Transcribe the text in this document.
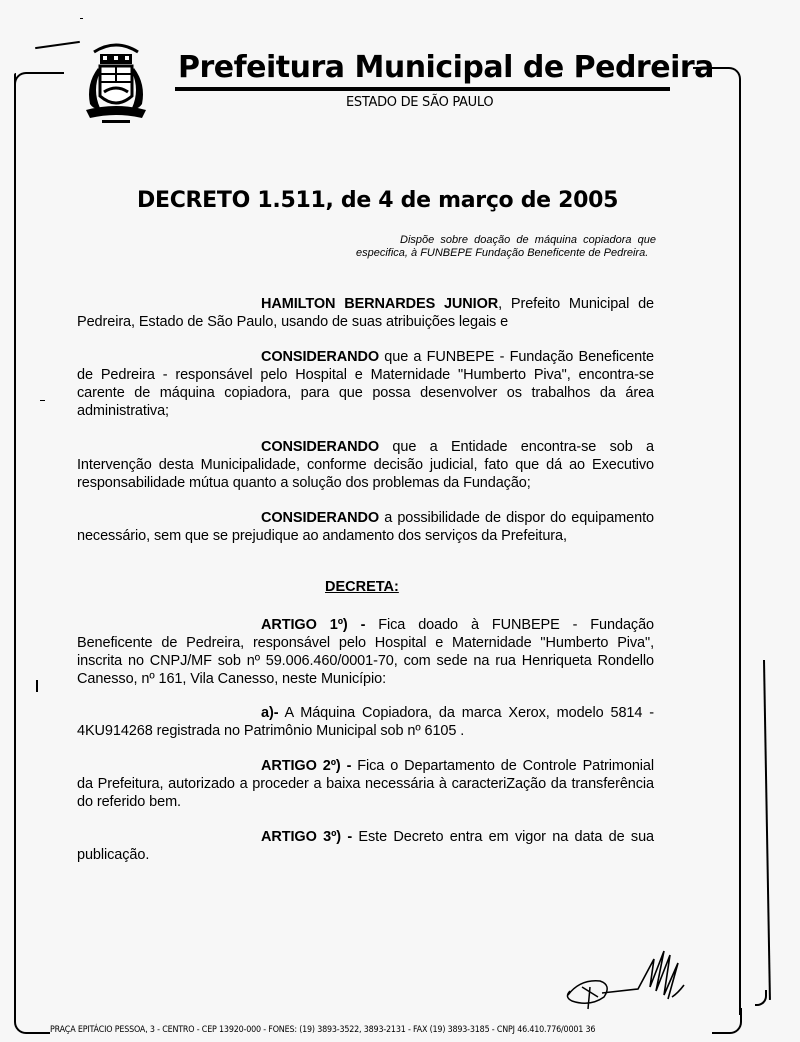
Prefeitura Municipal de Pedreira
ESTADO DE SÃO PAULO
DECRETO 1.511, de 4 de março de 2005
Dispõe sobre doação de máquina copiadora que especifica, à FUNBEPE Fundação Beneficente de Pedreira.
HAMILTON BERNARDES JUNIOR, Prefeito Municipal de Pedreira, Estado de São Paulo, usando de suas atribuições legais e
CONSIDERANDO que a FUNBEPE - Fundação Beneficente de Pedreira - responsável pelo Hospital e Maternidade "Humberto Piva", encontra-se carente de máquina copiadora, para que possa desenvolver os trabalhos da área administrativa;
CONSIDERANDO que a Entidade encontra-se sob a Intervenção desta Municipalidade, conforme decisão judicial, fato que dá ao Executivo responsabilidade mútua quanto a solução dos problemas da Fundação;
CONSIDERANDO a possibilidade de dispor do equipamento necessário, sem que se prejudique ao andamento dos serviços da Prefeitura,
DECRETA:
ARTIGO 1º) - Fica doado à FUNBEPE - Fundação Beneficente de Pedreira, responsável pelo Hospital e Maternidade "Humberto Piva", inscrita no CNPJ/MF sob nº 59.006.460/0001-70, com sede na rua Henriqueta Rondello Canesso, nº 161, Vila Canesso, neste Município:
a)- A Máquina Copiadora, da marca Xerox, modelo 5814 - 4KU914268 registrada no Patrimônio Municipal sob nº 6105 .
ARTIGO 2º) - Fica o Departamento de Controle Patrimonial da Prefeitura, autorizado a proceder a baixa necessária à caracteriZação da transferência do referido bem.
ARTIGO 3º) - Este Decreto entra em vigor na data de sua publicação.
PRAÇA EPITÁCIO PESSOA, 3 - CENTRO - CEP 13920-000 - FONES: (19) 3893-3522, 3893-2131 - FAX (19) 3893-3185 - CNPJ 46.410.776/0001 36
